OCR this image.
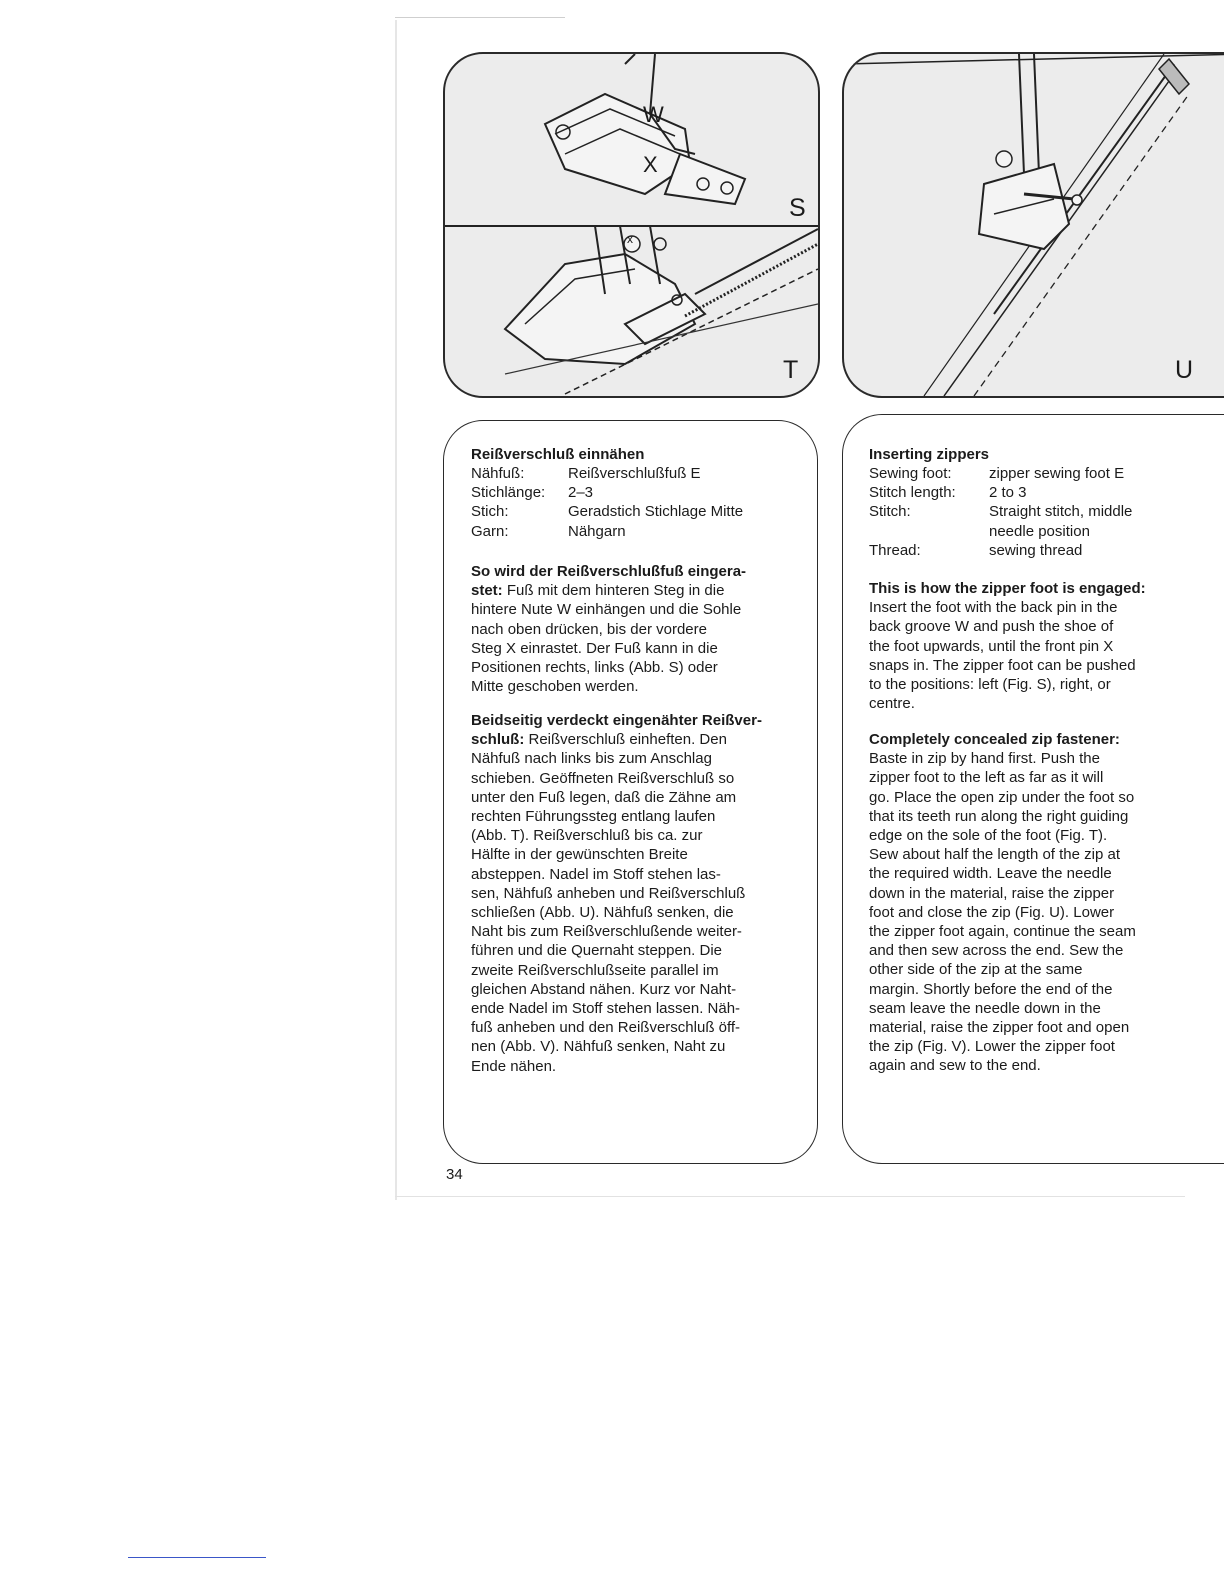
W
X
x
S
T	U
Reißverschluß einnähen
Nähfuß:	Reißverschlußfuß E
Stichlänge: 2–3
Stich:	Geradstich Stichlage Mitte
Garn:	Nähgarn
So wird der Reißverschlußfuß eingera-
stet: Fuß mit dem hinteren Steg in die
hintere Nute W einhängen und die Sohle
nach oben drücken, bis der vordere
Steg X einrastet. Der Fuß kann in die
Positionen rechts, links (Abb. S) oder
Mitte geschoben werden.
Beidseitig verdeckt eingenähter Reißver-
schluß: Reißverschluß einheften. Den
Nähfuß nach links bis zum Anschlag
schieben. Geöffneten Reißverschluß so
unter den Fuß legen, daß die Zähne am
rechten Führungssteg entlang laufen
(Abb. T). Reißverschluß bis ca. zur
Hälfte in der gewünschten Breite
absteppen. Nadel im Stoff stehen las-
sen, Nähfuß anheben und Reißverschluß
schließen (Abb. U). Nähfuß senken, die
Naht bis zum Reißverschlußende weiter-
führen und die Quernaht steppen. Die
zweite Reißverschlußseite parallel im
gleichen Abstand nähen. Kurz vor Naht-
ende Nadel im Stoff stehen lassen. Näh-
fuß anheben und den Reißverschluß öff-
nen (Abb. V). Nähfuß senken, Naht zu
Ende nähen.
Inserting zippers
Sewing foot: zipper sewing foot E
Stitch length: 2 to 3
Stitch:	Straight stitch, middle
needle position
Thread:	sewing thread
This is how the zipper foot is engaged:
Insert the foot with the back pin in the
back groove W and push the shoe of
the foot upwards, until the front pin X
snaps in. The zipper foot can be pushed
to the positions: left (Fig. S), right, or
centre.
Completely concealed zip fastener:
Baste in zip by hand first. Push the
zipper foot to the left as far as it will
go. Place the open zip under the foot so
that its teeth run along the right guiding
edge on the sole of the foot (Fig. T).
Sew about half the length of the zip at
the required width. Leave the needle
down in the material, raise the zipper
foot and close the zip (Fig. U). Lower
the zipper foot again, continue the seam
and then sew across the end. Sew the
other side of the zip at the same
margin. Shortly before the end of the
seam leave the needle down in the
material, raise the zipper foot and open
the zip (Fig. V). Lower the zipper foot
again and sew to the end.
34
